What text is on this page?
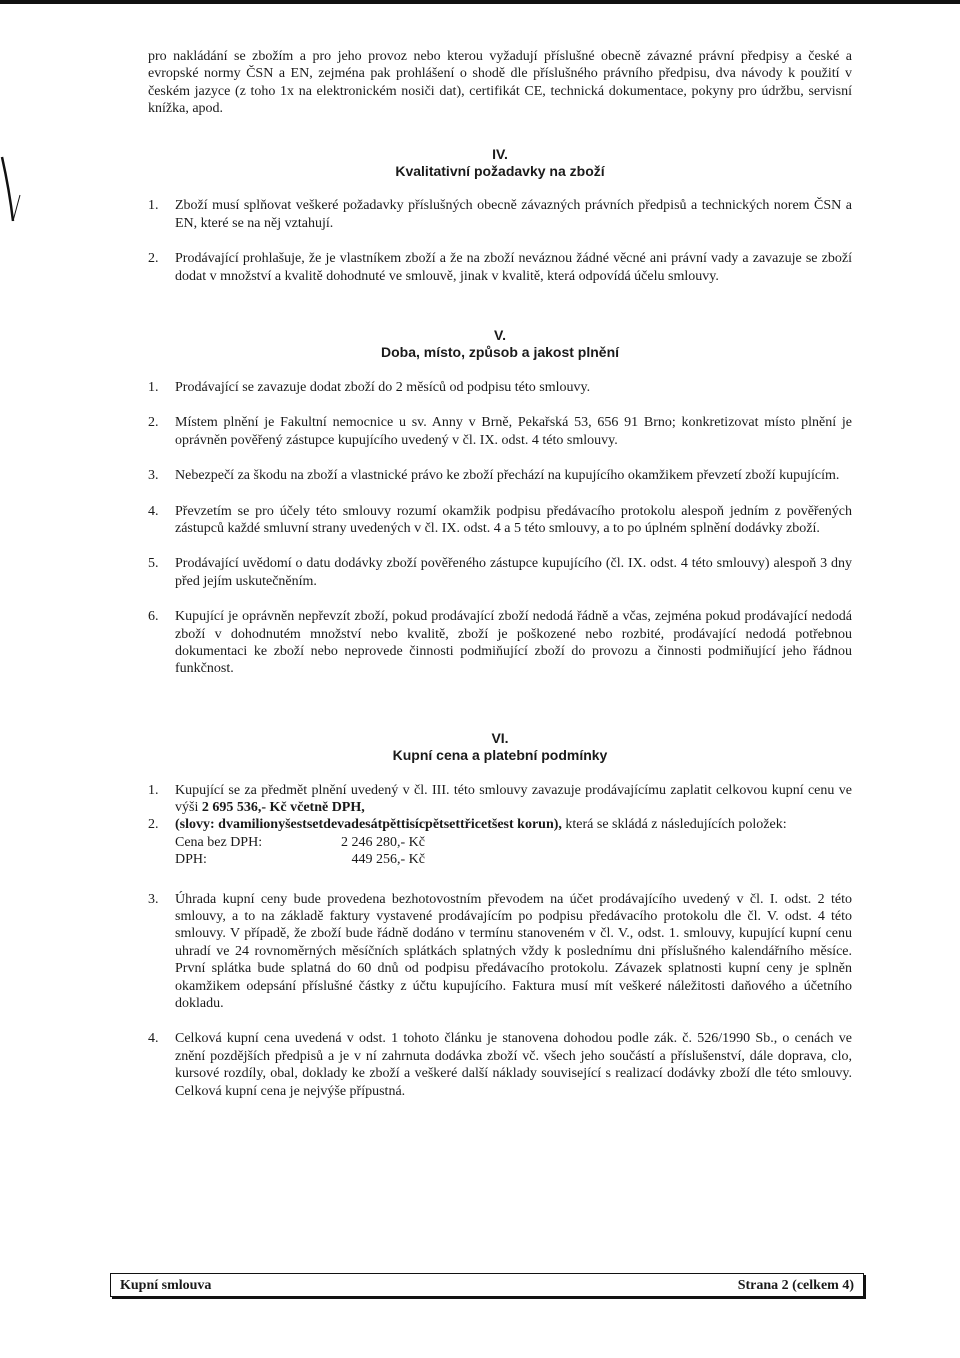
pro nakládání se zbožím a pro jeho provoz nebo kterou vyžadují příslušné obecně závazné právní předpisy a české a evropské normy ČSN a EN, zejména pak prohlášení o shodě dle příslušného právního předpisu, dva návody k použití v českém jazyce (z toho 1x na elektronickém nosiči dat), certifikát CE, technická dokumentace, pokyny pro údržbu, servisní knížka, apod.

IV.
Kvalitativní požadavky na zboží
1.	Zboží musí splňovat veškeré požadavky příslušných obecně závazných právních předpisů a technických norem ČSN a EN, které se na něj vztahují.
2.	Prodávající prohlašuje, že je vlastníkem zboží a že na zboží neváznou žádné věcné ani právní vady a zavazuje se zboží dodat v množství a kvalitě dohodnuté ve smlouvě, jinak v kvalitě, která odpovídá účelu smlouvy.
V.
Doba, místo, způsob a jakost plnění
1.	Prodávající se zavazuje dodat zboží do 2 měsíců od podpisu této smlouvy.
2.	Místem plnění je Fakultní nemocnice u sv. Anny v Brně, Pekařská 53, 656 91 Brno; konkretizovat místo plnění je oprávněn pověřený zástupce kupujícího uvedený v čl. IX. odst. 4 této smlouvy.
3.	Nebezpečí za škodu na zboží a vlastnické právo ke zboží přechází na kupujícího okamžikem převzetí zboží kupujícím.
4.	Převzetím se pro účely této smlouvy rozumí okamžik podpisu předávacího protokolu alespoň jedním z pověřených zástupců každé smluvní strany uvedených v čl. IX. odst. 4 a 5 této smlouvy, a to po úplném splnění dodávky zboží.
5.	Prodávající uvědomí o datu dodávky zboží pověřeného zástupce kupujícího (čl. IX. odst. 4 této smlouvy) alespoň 3 dny před jejím uskutečněním.
6.	Kupující je oprávněn nepřevzít zboží, pokud prodávající zboží nedodá řádně a včas, zejména pokud prodávající nedodá zboží v dohodnutém množství nebo kvalitě, zboží je poškozené nebo rozbité, prodávající nedodá potřebnou dokumentaci ke zboží nebo neprovede činnosti podmiňující zboží do provozu a činnosti podmiňující jeho řádnou funkčnost.
VI.
Kupní cena a platební podmínky
1.	Kupující se za předmět plnění uvedený v čl. III. této smlouvy zavazuje prodávajícímu zaplatit celkovou kupní cenu ve výši 2 695 536,- Kč včetně DPH,
2.	(slovy: dvamilionyšestsetdevadesátpěttisícpětsettřicetšest korun), která se skládá z následujících položek:
Cena bez DPH:	2 246 280,- Kč
DPH:	449 256,- Kč
3.	Úhrada kupní ceny bude provedena bezhotovostním převodem na účet prodávajícího uvedený v čl. I. odst. 2 této smlouvy, a to na základě faktury vystavené prodávajícím po podpisu předávacího protokolu dle čl. V. odst. 4 této smlouvy. V případě, že zboží bude řádně dodáno v termínu stanoveném v čl. V., odst. 1. smlouvy, kupující kupní cenu uhradí ve 24 rovnoměrných měsíčních splátkách splatných vždy k poslednímu dni příslušného kalendářního měsíce. První splátka bude splatná do 60 dnů od podpisu předávacího protokolu. Závazek splatnosti kupní ceny je splněn okamžikem odepsání příslušné částky z účtu kupujícího. Faktura musí mít veškeré náležitosti daňového a účetního dokladu.
4.	Celková kupní cena uvedená v odst. 1 tohoto článku je stanovena dohodou podle zák. č. 526/1990 Sb., o cenách ve znění pozdějších předpisů a je v ní zahrnuta dodávka zboží vč. všech jeho součástí a příslušenství, dále doprava, clo, kursové rozdíly, obal, doklady ke zboží a veškeré další náklady související s realizací dodávky zboží dle této smlouvy. Celková kupní cena je nejvýše přípustná.
Kupní smlouva	Strana 2 (celkem 4)
